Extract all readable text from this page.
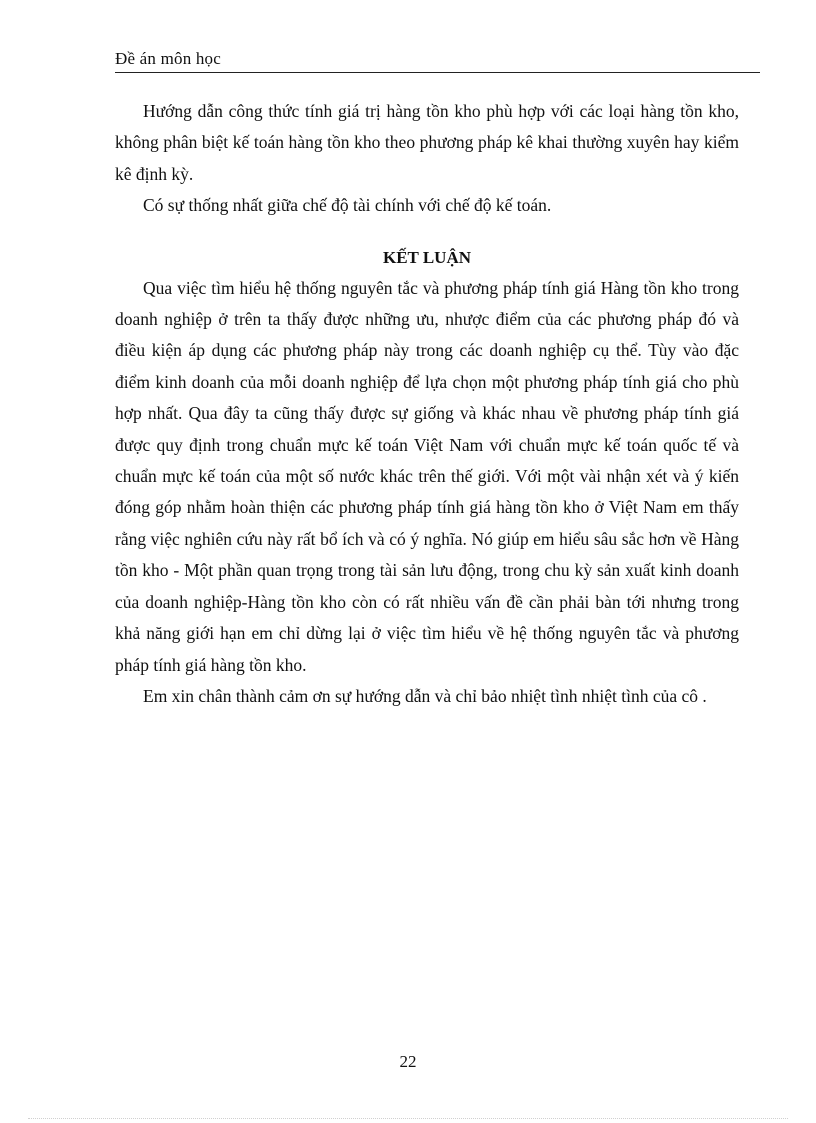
Đề án môn học

Hướng dẫn công thức tính giá trị hàng tồn kho phù hợp với các loại hàng tồn kho, không phân biệt kế toán hàng tồn kho theo phương pháp kê khai thường xuyên hay kiểm kê định kỳ.

Có sự thống nhất giữa chế độ tài chính với chế độ kế toán.

KẾT LUẬN

Qua việc tìm hiểu hệ thống nguyên tắc và phương pháp tính giá Hàng tồn kho trong doanh nghiệp ở trên ta thấy được những ưu, nhược điểm của các phương pháp đó và điều kiện áp dụng các phương pháp này trong các doanh nghiệp cụ thể. Tùy vào đặc điểm kinh doanh của mỗi doanh nghiệp để lựa chọn một phương pháp tính giá cho phù hợp nhất. Qua đây ta cũng thấy được sự giống và khác nhau về phương pháp tính giá được quy định trong chuẩn mực kế toán Việt Nam với chuẩn mực kế toán quốc tế và chuẩn mực kế toán của một số nước khác trên thế giới. Với một vài nhận xét và ý kiến đóng góp nhằm hoàn thiện các phương pháp tính giá hàng tồn kho ở Việt Nam em thấy rằng việc nghiên cứu này rất bổ ích và có ý nghĩa. Nó giúp em hiểu sâu sắc hơn về Hàng tồn kho - Một phần quan trọng trong tài sản lưu động, trong chu kỳ sản xuất kinh doanh của doanh nghiệp-Hàng tồn kho còn có rất nhiều vấn đề cần phải bàn tới nhưng trong khả năng giới hạn em chỉ dừng lại ở việc tìm hiểu về hệ thống nguyên tắc và phương pháp tính giá hàng tồn kho.

Em xin chân thành cảm ơn sự hướng dẫn và chỉ bảo nhiệt tình nhiệt tình của cô .

22
